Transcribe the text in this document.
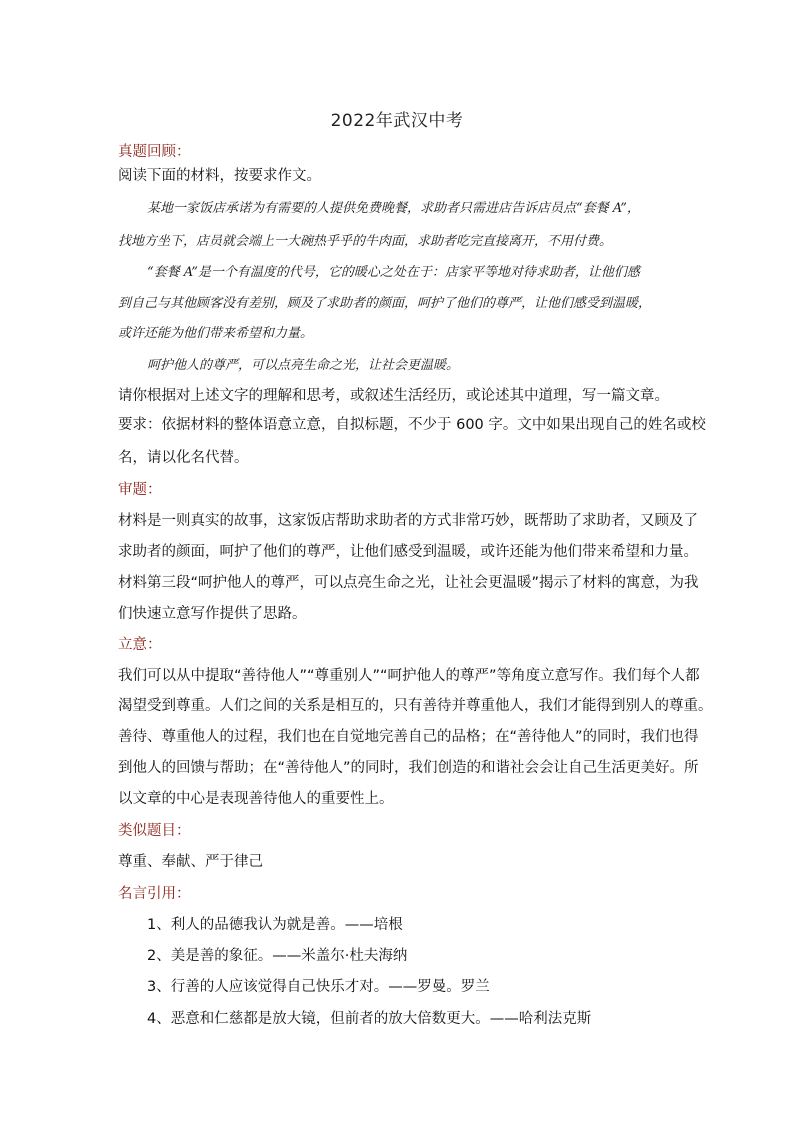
2022年武汉中考
真题回顾：
阅读下面的材料，按要求作文。
某地一家饭店承诺为有需要的人提供免费晚餐，求助者只需进店告诉店员点“套餐 A”，
找地方坐下，店员就会端上一大碗热乎乎的牛肉面，求助者吃完直接离开，不用付费。
“套餐 A”是一个有温度的代号，它的暖心之处在于：店家平等地对待求助者，让他们感
到自己与其他顾客没有差别，顾及了求助者的颜面，呵护了他们的尊严，让他们感受到温暖，
或许还能为他们带来希望和力量。
呵护他人的尊严，可以点亮生命之光，让社会更温暖。
请你根据对上述文字的理解和思考，或叙述生活经历，或论述其中道理，写一篇文章。
要求：依据材料的整体语意立意，自拟标题，不少于 600 字。文中如果出现自己的姓名或校
名，请以化名代替。
审题：
材料是一则真实的故事，这家饭店帮助求助者的方式非常巧妙，既帮助了求助者，又顾及了
求助者的颜面，呵护了他们的尊严，让他们感受到温暖，或许还能为他们带来希望和力量。
材料第三段“呵护他人的尊严，可以点亮生命之光，让社会更温暖”揭示了材料的寓意，为我
们快速立意写作提供了思路。
立意：
我们可以从中提取“善待他人”“尊重别人”“呵护他人的尊严”等角度立意写作。我们每个人都
渴望受到尊重。人们之间的关系是相互的，只有善待并尊重他人，我们才能得到别人的尊重。
善待、尊重他人的过程，我们也在自觉地完善自己的品格；在“善待他人”的同时，我们也得
到他人的回馈与帮助；在“善待他人”的同时，我们创造的和谐社会会让自己生活更美好。所
以文章的中心是表现善待他人的重要性上。
类似题目：
尊重、奉献、严于律己
名言引用：
1、利人的品德我认为就是善。——培根
2、美是善的象征。——米盖尔·杜夫海纳
3、行善的人应该觉得自己快乐才对。——罗曼。罗兰
4、恶意和仁慈都是放大镜，但前者的放大倍数更大。——哈利法克斯
